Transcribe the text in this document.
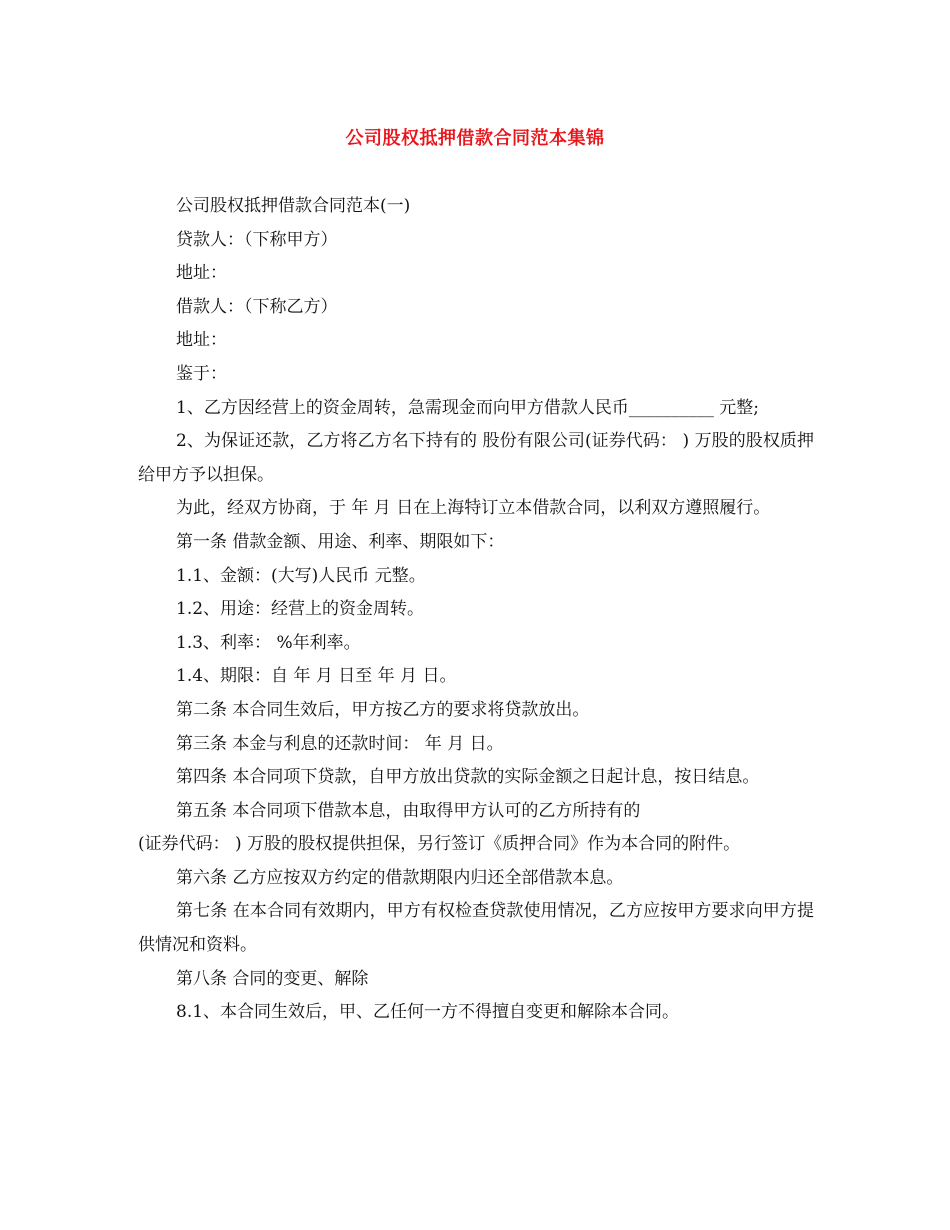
公司股权抵押借款合同范本集锦

公司股权抵押借款合同范本(一)

贷款人：（下称甲方）

地址：

借款人：（下称乙方）

地址：

鉴于：

1、乙方因经营上的资金周转，急需现金而向甲方借款人民币__________ 元整;

2、为保证还款，乙方将乙方名下持有的 股份有限公司(证券代码： ) 万股的股权质押给甲方予以担保。

为此，经双方协商，于 年 月 日在上海特订立本借款合同，以利双方遵照履行。

第一条 借款金额、用途、利率、期限如下：

1.1、金额：(大写)人民币 元整。

1.2、用途：经营上的资金周转。

1.3、利率： %年利率。

1.4、期限：自 年 月 日至 年 月 日。

第二条 本合同生效后，甲方按乙方的要求将贷款放出。

第三条 本金与利息的还款时间： 年 月 日。

第四条 本合同项下贷款，自甲方放出贷款的实际金额之日起计息，按日结息。

第五条 本合同项下借款本息，由取得甲方认可的乙方所持有的

(证券代码： ) 万股的股权提供担保，另行签订《质押合同》作为本合同的附件。

第六条 乙方应按双方约定的借款期限内归还全部借款本息。

第七条 在本合同有效期内，甲方有权检查贷款使用情况，乙方应按甲方要求向甲方提供情况和资料。

第八条 合同的变更、解除

8.1、本合同生效后，甲、乙任何一方不得擅自变更和解除本合同。
